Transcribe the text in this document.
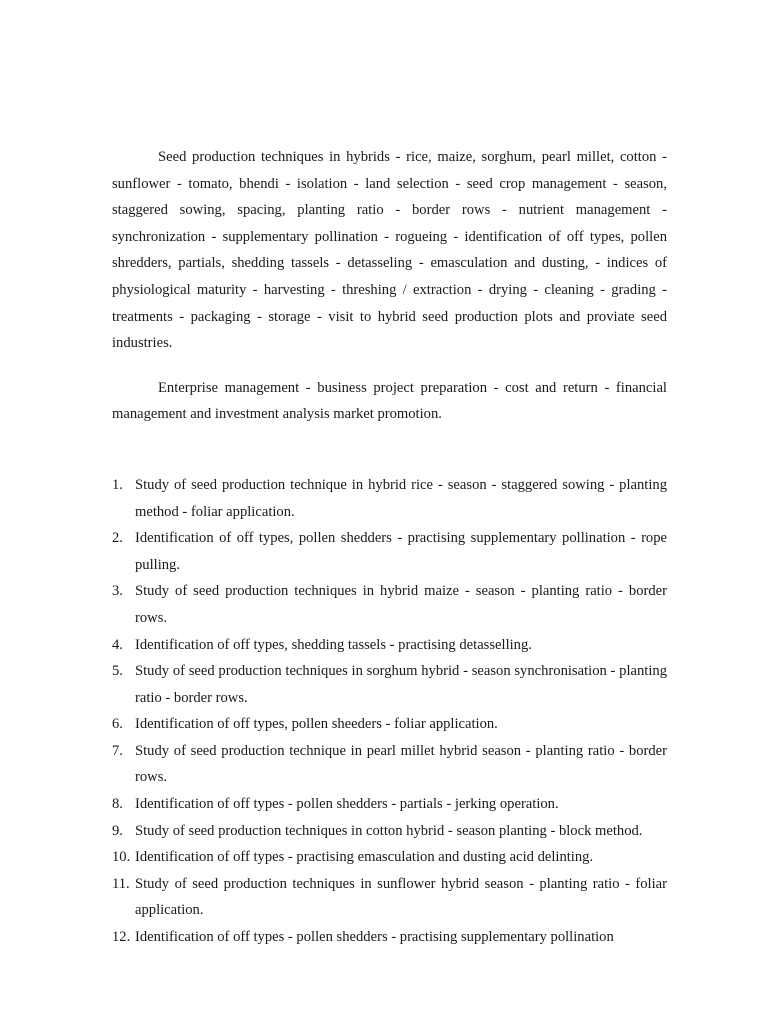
Seed production techniques in hybrids - rice, maize, sorghum, pearl millet, cotton - sunflower - tomato, bhendi - isolation - land selection - seed crop management - season, staggered sowing, spacing, planting ratio - border rows - nutrient management - synchronization - supplementary pollination - rogueing - identification of off types, pollen shredders, partials, shedding tassels - detasseling - emasculation and dusting, - indices of physiological maturity - harvesting - threshing / extraction - drying - cleaning - grading - treatments - packaging - storage - visit to hybrid seed production plots and proviate seed industries.

Enterprise management - business project preparation - cost and return - financial management and investment analysis market promotion.

1. Study of seed production technique in hybrid rice - season - staggered sowing - planting method - foliar application.
2. Identification of off types, pollen shedders - practising supplementary pollination - rope pulling.
3. Study of seed production techniques in hybrid maize - season - planting ratio - border rows.
4. Identification of off types, shedding tassels - practising detasselling.
5. Study of seed production techniques in sorghum hybrid - season synchronisation - planting ratio - border rows.
6. Identification of off types, pollen sheeders - foliar application.
7. Study of seed production technique in pearl millet hybrid season - planting ratio - border rows.
8. Identification of off types - pollen shedders - partials - jerking operation.
9. Study of seed production techniques in cotton hybrid - season planting - block method.
10. Identification of off types - practising emasculation and dusting acid delinting.
11. Study of seed production techniques in sunflower hybrid season - planting ratio - foliar application.
12. Identification of off types - pollen shedders - practising supplementary pollination
